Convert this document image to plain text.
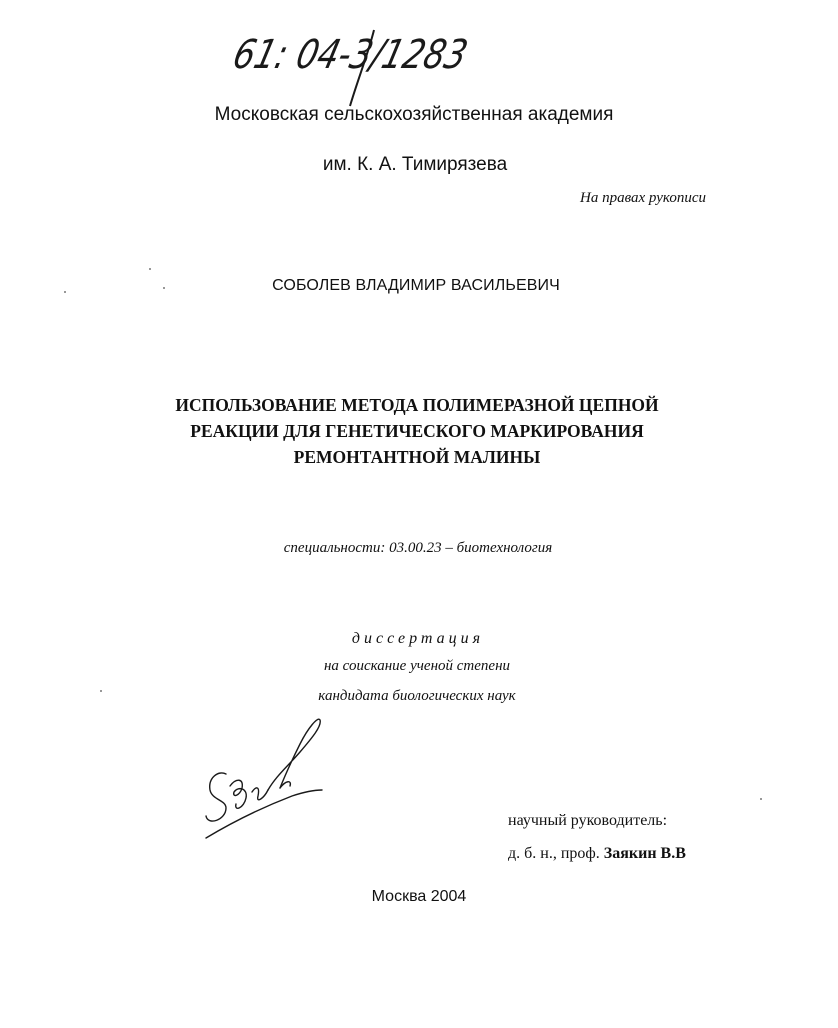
61: 04-3/1283
Московская сельскохозяйственная академия
им. К. А. Тимирязева
На правах рукописи
СОБОЛЕВ ВЛАДИМИР ВАСИЛЬЕВИЧ
ИСПОЛЬЗОВАНИЕ МЕТОДА ПОЛИМЕРАЗНОЙ ЦЕПНОЙ
РЕАКЦИИ ДЛЯ ГЕНЕТИЧЕСКОГО МАРКИРОВАНИЯ
РЕМОНТАНТНОЙ МАЛИНЫ
специальности: 03.00.23 – биотехнология
диссертация
на соискание ученой степени
кандидата биологических наук
научный руководитель:
д. б. н., проф. Заякин В.В
Москва 2004
